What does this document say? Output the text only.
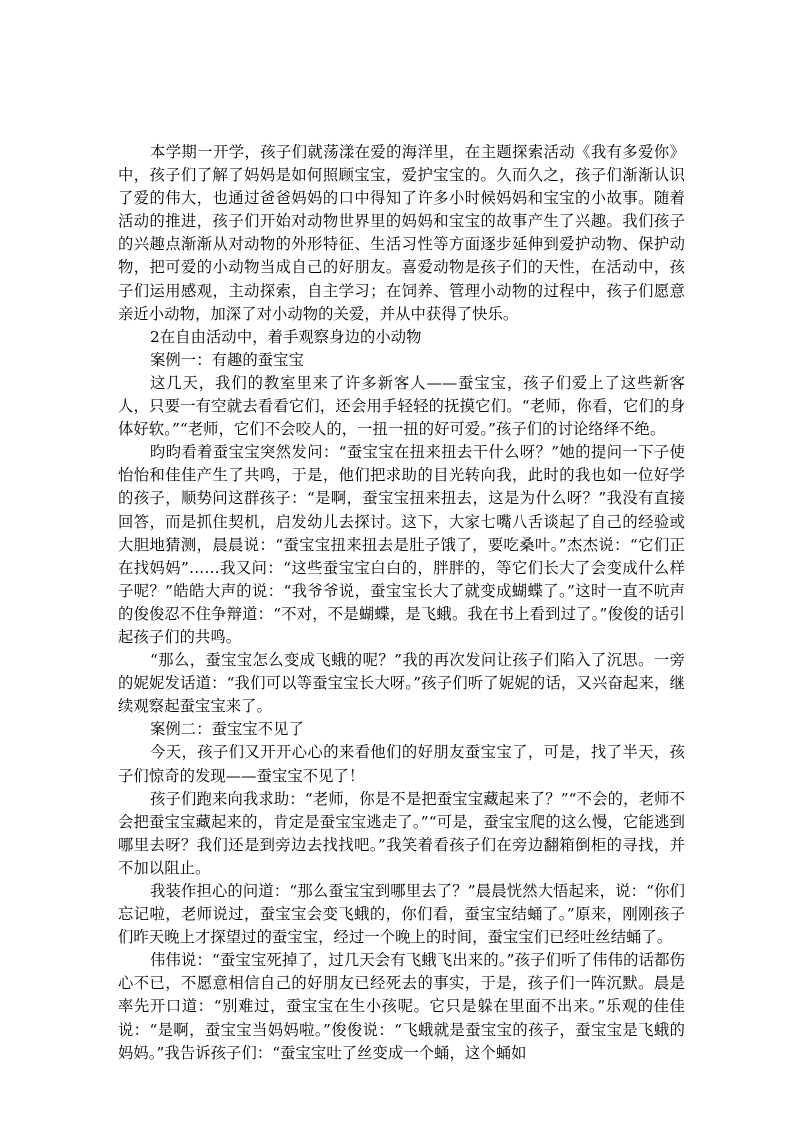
本学期一开学，孩子们就荡漾在爱的海洋里，在主题探索活动《我有多爱你》中，孩子们了解了妈妈是如何照顾宝宝，爱护宝宝的。久而久之，孩子们渐渐认识了爱的伟大，也通过爸爸妈妈的口中得知了许多小时候妈妈和宝宝的小故事。随着活动的推进，孩子们开始对动物世界里的妈妈和宝宝的故事产生了兴趣。我们孩子的兴趣点渐渐从对动物的外形特征、生活习性等方面逐步延伸到爱护动物、保护动物，把可爱的小动物当成自己的好朋友。喜爱动物是孩子们的天性，在活动中，孩子们运用感观，主动探索，自主学习；在饲养、管理小动物的过程中，孩子们愿意亲近小动物，加深了对小动物的关爱，并从中获得了快乐。

2在自由活动中，着手观察身边的小动物

案例一：有趣的蚕宝宝

这几天，我们的教室里来了许多新客人——蚕宝宝，孩子们爱上了这些新客人，只要一有空就去看看它们，还会用手轻轻的抚摸它们。“老师，你看，它们的身体好软。”“老师，它们不会咬人的，一扭一扭的好可爱。”孩子们的讨论络绎不绝。

昀昀看着蚕宝宝突然发问：“蚕宝宝在扭来扭去干什么呀？”她的提问一下子使怡怡和佳佳产生了共鸣，于是，他们把求助的目光转向我，此时的我也如一位好学的孩子，顺势问这群孩子：“是啊，蚕宝宝扭来扭去，这是为什么呀？”我没有直接回答，而是抓住契机，启发幼儿去探讨。这下，大家七嘴八舌谈起了自己的经验或大胆地猜测，晨晨说：“蚕宝宝扭来扭去是肚子饿了，要吃桑叶。”杰杰说：“它们正在找妈妈”……我又问：“这些蚕宝宝白白的，胖胖的，等它们长大了会变成什么样子呢？”皓皓大声的说：“我爷爷说，蚕宝宝长大了就变成蝴蝶了。”这时一直不吭声的俊俊忍不住争辩道：“不对，不是蝴蝶，是飞蛾。我在书上看到过了。”俊俊的话引起孩子们的共鸣。

“那么，蚕宝宝怎么变成飞蛾的呢？”我的再次发问让孩子们陷入了沉思。一旁的妮妮发话道：“我们可以等蚕宝宝长大呀。”孩子们听了妮妮的话，又兴奋起来，继续观察起蚕宝宝来了。

案例二：蚕宝宝不见了

今天，孩子们又开开心心的来看他们的好朋友蚕宝宝了，可是，找了半天，孩子们惊奇的发现——蚕宝宝不见了！

孩子们跑来向我求助：“老师，你是不是把蚕宝宝藏起来了？”“不会的，老师不会把蚕宝宝藏起来的，肯定是蚕宝宝逃走了。”“可是，蚕宝宝爬的这么慢，它能逃到哪里去呀？我们还是到旁边去找找吧。”我笑着看孩子们在旁边翻箱倒柜的寻找，并不加以阻止。

我装作担心的问道：“那么蚕宝宝到哪里去了？”晨晨恍然大悟起来，说：“你们忘记啦，老师说过，蚕宝宝会变飞蛾的，你们看，蚕宝宝结蛹了。”原来，刚刚孩子们昨天晚上才探望过的蚕宝宝，经过一个晚上的时间，蚕宝宝们已经吐丝结蛹了。

伟伟说：“蚕宝宝死掉了，过几天会有飞蛾飞出来的。”孩子们听了伟伟的话都伤心不已，不愿意相信自己的好朋友已经死去的事实，于是，孩子们一阵沉默。晨是率先开口道：“别难过，蚕宝宝在生小孩呢。它只是躲在里面不出来。”乐观的佳佳说：“是啊，蚕宝宝当妈妈啦。”俊俊说：“飞蛾就是蚕宝宝的孩子，蚕宝宝是飞蛾的妈妈。”我告诉孩子们：“蚕宝宝吐了丝变成一个蛹，这个蛹如
